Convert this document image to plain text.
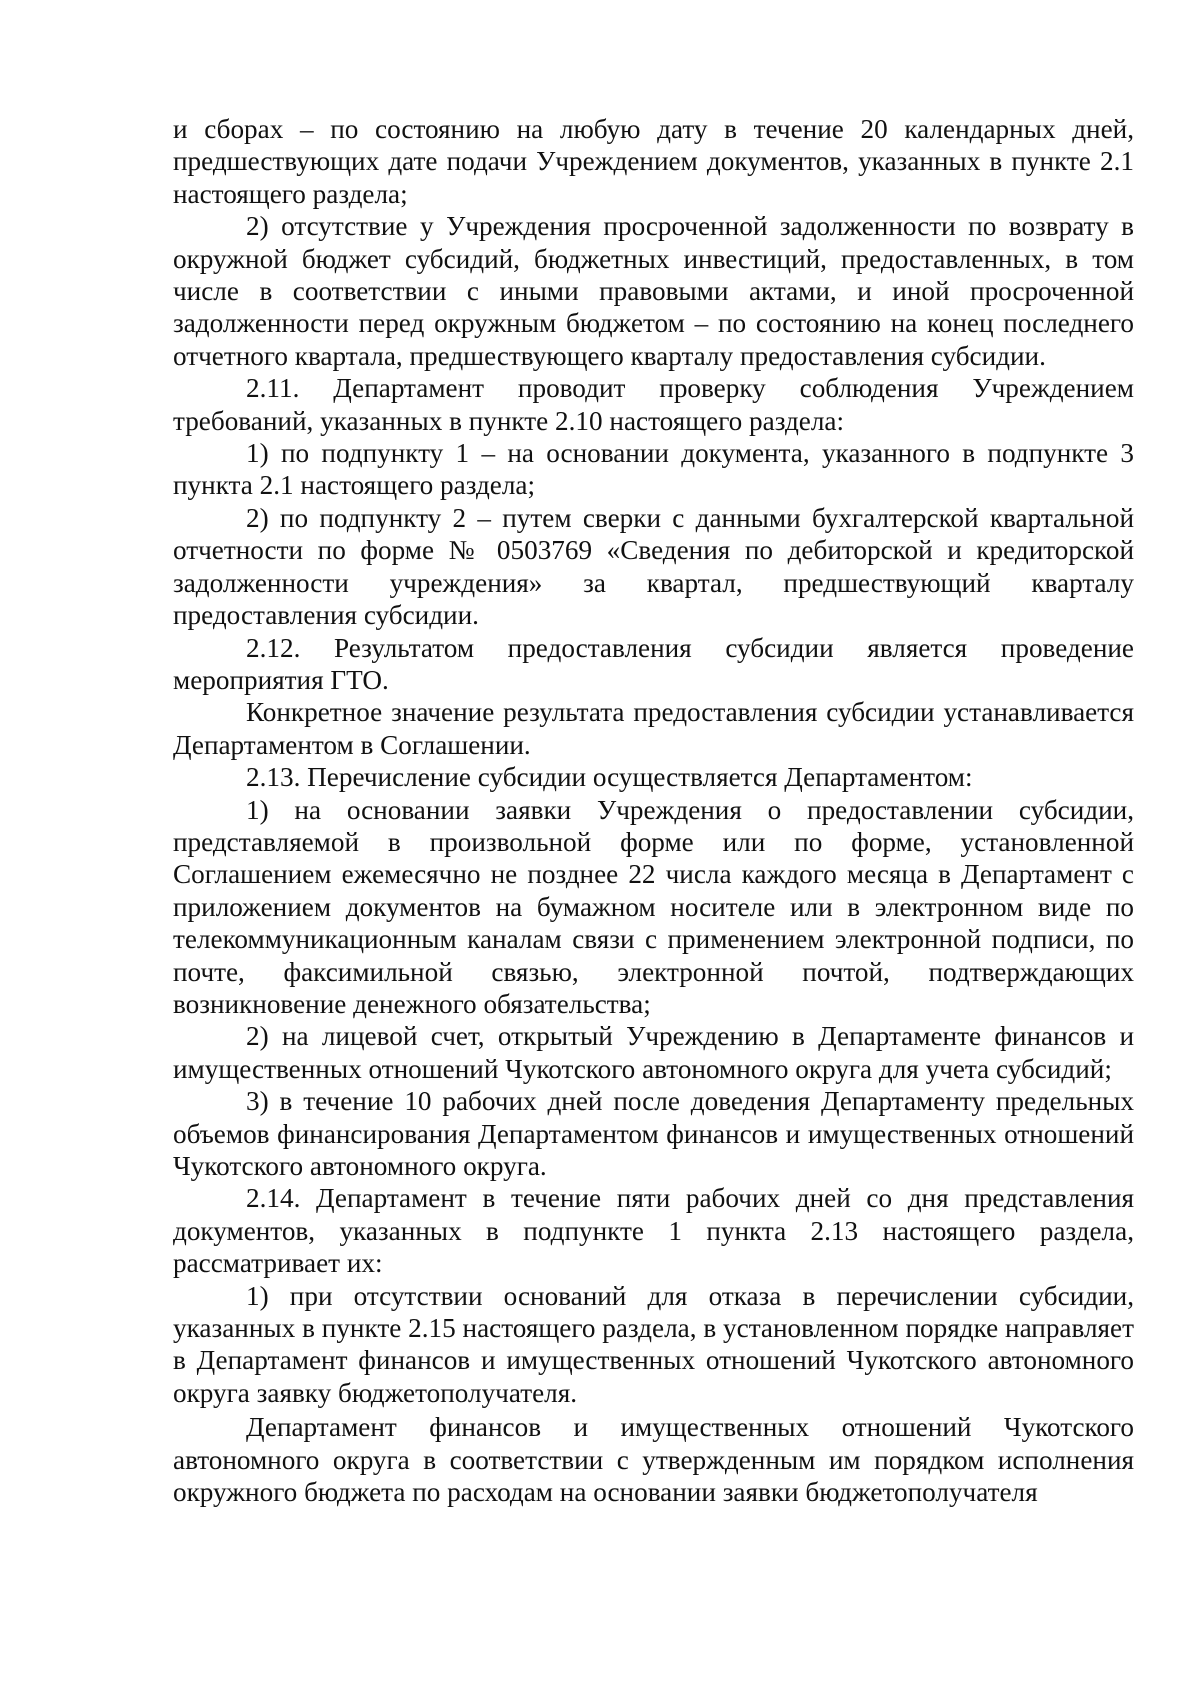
и сборах – по состоянию на любую дату в течение 20 календарных дней, предшествующих дате подачи Учреждением документов, указанных в пункте 2.1 настоящего раздела;

2) отсутствие у Учреждения просроченной задолженности по возврату в окружной бюджет субсидий, бюджетных инвестиций, предоставленных, в том числе в соответствии с иными правовыми актами, и иной просроченной задолженности перед окружным бюджетом – по состоянию на конец последнего отчетного квартала, предшествующего кварталу предоставления субсидии.

2.11. Департамент проводит проверку соблюдения Учреждением требований, указанных в пункте 2.10 настоящего раздела:

1) по подпункту 1 – на основании документа, указанного в подпункте 3 пункта 2.1 настоящего раздела;

2) по подпункту 2 – путем сверки с данными бухгалтерской квартальной отчетности по форме № 0503769 «Сведения по дебиторской и кредиторской задолженности учреждения» за квартал, предшествующий кварталу предоставления субсидии.

2.12. Результатом предоставления субсидии является проведение мероприятия ГТО.

Конкретное значение результата предоставления субсидии устанавливается Департаментом в Соглашении.

2.13. Перечисление субсидии осуществляется Департаментом:

1) на основании заявки Учреждения о предоставлении субсидии, представляемой в произвольной форме или по форме, установленной Соглашением ежемесячно не позднее 22 числа каждого месяца в Департамент с приложением документов на бумажном носителе или в электронном виде по телекоммуникационным каналам связи с применением электронной подписи, по почте, факсимильной связью, электронной почтой, подтверждающих возникновение денежного обязательства;

2) на лицевой счет, открытый Учреждению в Департаменте финансов и имущественных отношений Чукотского автономного округа для учета субсидий;

3) в течение 10 рабочих дней после доведения Департаменту предельных объемов финансирования Департаментом финансов и имущественных отношений Чукотского автономного округа.

2.14. Департамент в течение пяти рабочих дней со дня представления документов, указанных в подпункте 1 пункта 2.13 настоящего раздела, рассматривает их:

1) при отсутствии оснований для отказа в перечислении субсидии, указанных в пункте 2.15 настоящего раздела, в установленном порядке направляет в Департамент финансов и имущественных отношений Чукотского автономного округа заявку бюджетополучателя.

Департамент финансов и имущественных отношений Чукотского автономного округа в соответствии с утвержденным им порядком исполнения окружного бюджета по расходам на основании заявки бюджетополучателя
